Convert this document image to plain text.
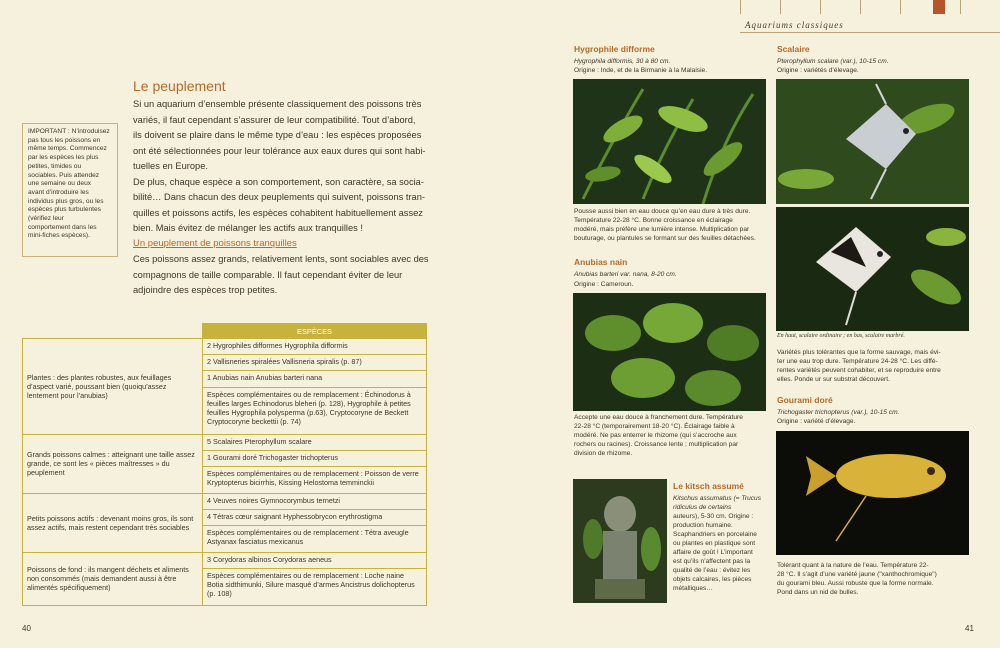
Aquariums classiques
Le peuplement
Si un aquarium d’ensemble présente classiquement des poissons très
variés, il faut cependant s’assurer de leur compatibilité. Tout d’abord,
ils doivent se plaire dans le même type d’eau : les espèces proposées
ont été sélectionnées pour leur tolérance aux eaux dures qui sont habi-
tuelles en Europe.
De plus, chaque espèce a son comportement, son caractère, sa socia-
bilité… Dans chacun des deux peuplements qui suivent, poissons tran-
quilles et poissons actifs, les espèces cohabitent habituellement assez
bien. Mais évitez de mélanger les actifs aux tranquilles !
IMPORTANT : N’introduisez
pas tous les poissons en
même temps. Commencez
par les espèces les plus
petites, timides ou
sociables. Puis attendez
une semaine ou deux
avant d’introduire les
individus plus gros, ou les
espèces plus turbulentes
(vérifiez leur
comportement dans les
mini-fiches espèces).
Un peuplement de poissons tranquilles
Ces poissons assez grands, relativement lents, sont sociables avec des
compagnons de taille comparable. Il faut cependant éviter de leur
adjoindre des espèces trop petites.
	ESPÈCES
Plantes : des plantes robustes, aux feuillages d’aspect varié, poussant bien (quoiqu’assez lentement pour l’anubias)	2 Hygrophiles difformes Hygrophila difformis
	2 Vallisneries spiralées Vallisneria spiralis (p. 87)
	1 Anubias nain Anubias barteri nana
	Espèces complémentaires ou de remplacement : Échinodorus à feuilles larges Echinodorus bleheri (p. 128), Hygrophile à petites feuilles Hygrophila polysperma (p.63), Cryptocoryne de Beckett Cryptocoryne beckettii (p. 74)
Grands poissons calmes : atteignant une taille assez grande, ce sont les « pièces maîtresses » du peuplement	5 Scalaires Pterophyllum scalare
	1 Gourami doré Trichogaster trichopterus
	Espèces complémentaires ou de remplacement : Poisson de verre Kryptopterus bicirrhis, Kissing Helostoma temminckii
Petits poissons actifs : devenant moins gros, ils sont assez actifs, mais restent cependant très sociables	4 Veuves noires Gymnocorymbus ternetzi
	4 Tétras cœur saignant Hyphessobrycon erythrostigma
	Espèces complémentaires ou de remplacement : Tétra aveugle Astyanax fasciatus mexicanus
Poissons de fond : ils mangent déchets et aliments non consommés (mais demandent aussi à être alimentés spécifiquement)	3 Corydoras albinos Corydoras aeneus
	Espèces complémentaires ou de remplacement : Loche naine Botia sidthimunki, Silure masqué d’armes Ancistrus dolichopterus (p. 108)
40
Hygrophile difforme
Hygrophila difformis, 30 à 80 cm.
Origine : Inde, et de la Birmanie à la Malaisie.
Pousse aussi bien en eau douce qu’en eau dure à très dure.
Température 22-28 °C. Bonne croissance en éclairage
modéré, mais préfère une lumière intense. Multiplication par
bouturage, ou plantules se formant sur des feuilles détachées.
Anubias nain
Anubias barteri var. nana, 8-20 cm.
Origine : Cameroun.
Accepte une eau douce à franchement dure. Température
22-28 °C (temporairement 18-20 °C). Éclairage faible à
modéré. Ne pas enterrer le rhizome (qui s’accroche aux
rochers ou racines). Croissance lente ; multiplication par
division de rhizome.
Le kitsch assumé
Kitschus assumatus (= Trucus
ridiculus de certains
auteurs), 5-30 cm. Origine :
production humaine.
Scaphandriers en porcelaine
ou plantes en plastique sont
affaire de goût ! L’important
est qu’ils n’affectent pas la
qualité de l’eau : évitez les
objets calcaires, les pièces
métalliques…
Scalaire
Pterophyllum scalare (var.), 10-15 cm.
Origine : variétés d’élevage.
En haut, scalaire ordinaire ; en bas, scalaire marbré.
Variétés plus tolérantes que la forme sauvage, mais évi-
ter une eau trop dure. Température 24-28 °C. Les diffé-
rentes variétés peuvent cohabiter, et se reproduire entre
elles. Ponde ur sur substrat découvert.
Gourami doré
Trichogaster trichopterus (var.), 10-15 cm.
Origine : variété d’élevage.
Tolérant quant à la nature de l’eau. Température 22-
28 °C. Il s’agit d’une variété jaune ("xanthochromique")
du gourami bleu. Aussi robuste que la forme normale.
Pond dans un nid de bulles.
41
